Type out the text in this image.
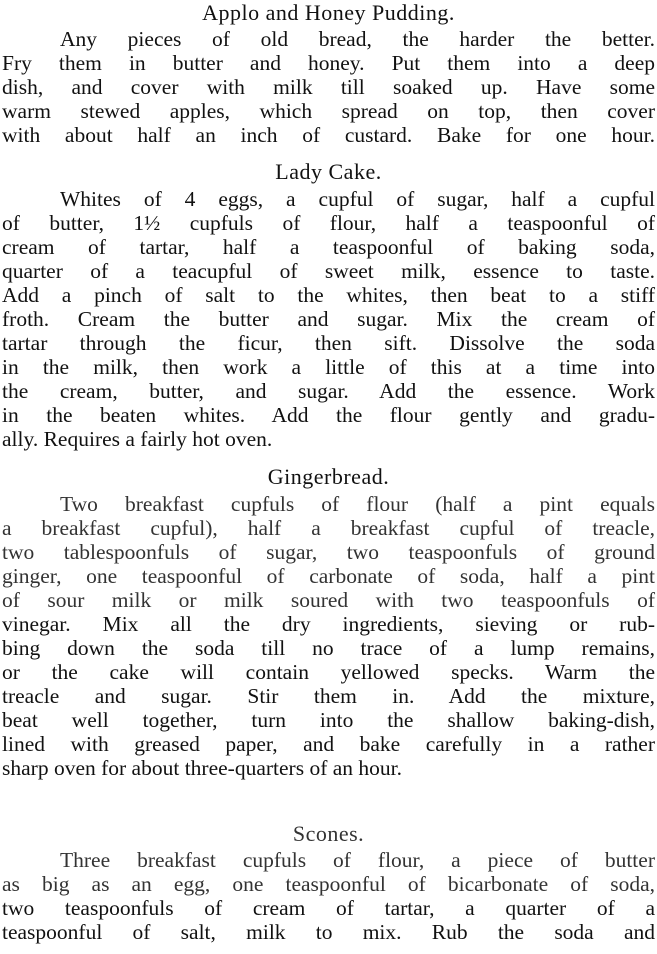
Applo and Honey Pudding.
Any pieces of old bread, the harder the better.
Fry them in butter and honey. Put them into a deep
dish, and cover with milk till soaked up. Have some
warm stewed apples, which spread on top, then cover
with about half an inch of custard. Bake for one hour.
Lady Cake.
Whites of 4 eggs, a cupful of sugar, half a cupful
of butter, 1½ cupfuls of flour, half a teaspoonful of
cream of tartar, half a teaspoonful of baking soda,
quarter of a teacupful of sweet milk, essence to taste.
Add a pinch of salt to the whites, then beat to a stiff
froth. Cream the butter and sugar. Mix the cream of
tartar through the ficur, then sift. Dissolve the soda
in the milk, then work a little of this at a time into
the cream, butter, and sugar. Add the essence. Work
in the beaten whites. Add the flour gently and gradu-
ally. Requires a fairly hot oven.
Gingerbread.
Two breakfast cupfuls of flour (half a pint equals
a breakfast cupful), half a breakfast cupful of treacle,
two tablespoonfuls of sugar, two teaspoonfuls of ground
ginger, one teaspoonful of carbonate of soda, half a pint
of sour milk or milk soured with two teaspoonfuls of
vinegar. Mix all the dry ingredients, sieving or rub-
bing down the soda till no trace of a lump remains,
or the cake will contain yellowed specks. Warm the
treacle and sugar. Stir them in. Add the mixture,
beat well together, turn into the shallow baking-dish,
lined with greased paper, and bake carefully in a rather
sharp oven for about three-quarters of an hour.
Scones.
Three breakfast cupfuls of flour, a piece of butter
as big as an egg, one teaspoonful of bicarbonate of soda,
two teaspoonfuls of cream of tartar, a quarter of a
teaspoonful of salt, milk to mix. Rub the soda and
